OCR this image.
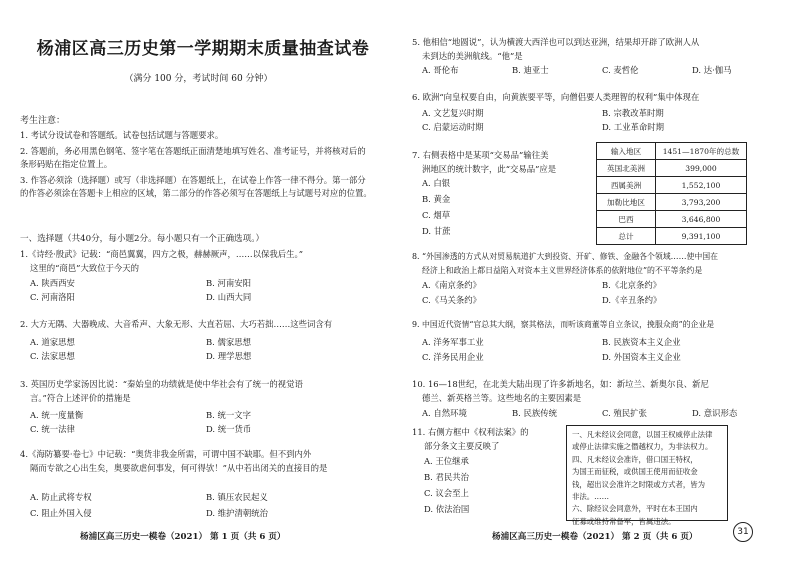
杨浦区高三历史第一学期期末质量抽查试卷
（满分 100 分，考试时间 60 分钟）
考生注意：
1. 考试分设试卷和答题纸。试卷包括试题与答题要求。
2. 答题前，务必用黑色钢笔、签字笔在答题纸正面清楚地填写姓名、准考证号，并将核对后的条形码贴在指定位置上。
3. 作答必须涂（选择题）或写（非选择题）在答题纸上，在试卷上作答一律不得分。第一部分的作答必须涂在答题卡上相应的区域，第二部分的作答必须写在答题纸上与试题号对应的位置。
一、选择题（共40分，每小题2分。每小题只有一个正确选项。）
1.《诗经·殷武》记载：“商邑翼翼，四方之极，赫赫厥声，……以保我后生。”
这里的“商邑”大致位于今天的
A. 陕西西安	B. 河南安阳
C. 河南洛阳	D. 山西大同
2. 大方无隅、大器晚成、大音希声、大象无形、大直若屈、大巧若拙……这些词含有
A. 道家思想	B. 儒家思想
C. 法家思想	D. 理学思想
3. 英国历史学家汤因比说：“秦始皇的功绩就是使中华社会有了统一的视觉语
言。”符合上述评价的措施是
A. 统一度量衡	B. 统一文字
C. 统一法律	D. 统一货币
4.《海防纂要·卷七》中记载：“奥货非我金所需，可谓中国不缺耶。但不到内外
隔而专欲之心出生矣，奥要欲虐何事发，何可得欤！”从中若出闭关的直接目的是
A. 防止武将专权	B. 镇压农民起义
C. 阻止外国入侵	D. 维护清朝统治
杨浦区高三历史一模卷（2021） 第 1 页（共 6 页）
5. 他相信“地圆说”，认为横渡大西洋也可以到达亚洲，结果却开辟了欧洲人从
未到达的美洲航线。“他”是
A. 哥伦布	B. 迪亚士	C. 麦哲伦	D. 达·伽马
6. 欧洲“向皇权要自由，向黄族要平等，向僧侣要人类理智的权利”集中体现在
A. 文艺复兴时期	B. 宗教改革时期
C. 启蒙运动时期	D. 工业革命时期
7. 右侧表格中是某项“交易品”输往美
洲地区的统计数字，此“交易品”应是
A. 白银
B. 黄金
C. 烟草
D. 甘蔗
8. “外国渗透的方式从对贸易航道扩大到投资、开矿、修铁、金融各个领域……使中国在
经济上和政治上都日益陷入对资本主义世界经济体系的依附地位”的不平等条约是
A.《南京条约》	B.《北京条约》
C.《马关条约》	D.《辛丑条约》
9. 中国近代资情“官总其大纲，察其格法，而听该商董等自立条议，挽服众商”的企业是
A. 洋务军事工业	B. 民族资本主义企业
C. 洋务民用企业	D. 外国资本主义企业
10. 16—18世纪，在北美大陆出现了许多新地名，如：新垃兰、新奥尔良、新尼
德兰、新英格兰等。这些地名的主要因素是
A. 自然环境	B. 民族传统	C. 殖民扩张	D. 意识形态
11. 右侧方框中《权利法案》的
部分条文主要反映了
A. 王位继承
B. 君民共治
C. 议会至上
D. 依法治国
杨浦区高三历史一模卷（2021） 第 2 页（共 6 页）
输入地区	1451—1870年的总数
英国北美洲	399,000
西属美洲	1,552,100
加勒比地区	3,793,200
巴西	3,646,800
总计	9,391,100
一、凡未经议会同意，以国王权威停止法律
或停止法律实施之僭越权力，为非法权力。
四、凡未经议会准许，借口国王特权，
为国王而征税，或供国王使用而征收金
钱，超出议会准许之时限或方式者，皆为
非法。……
六、除经议会同意外，平时在本王国内
征募或维持常备军，皆属违法。
31
